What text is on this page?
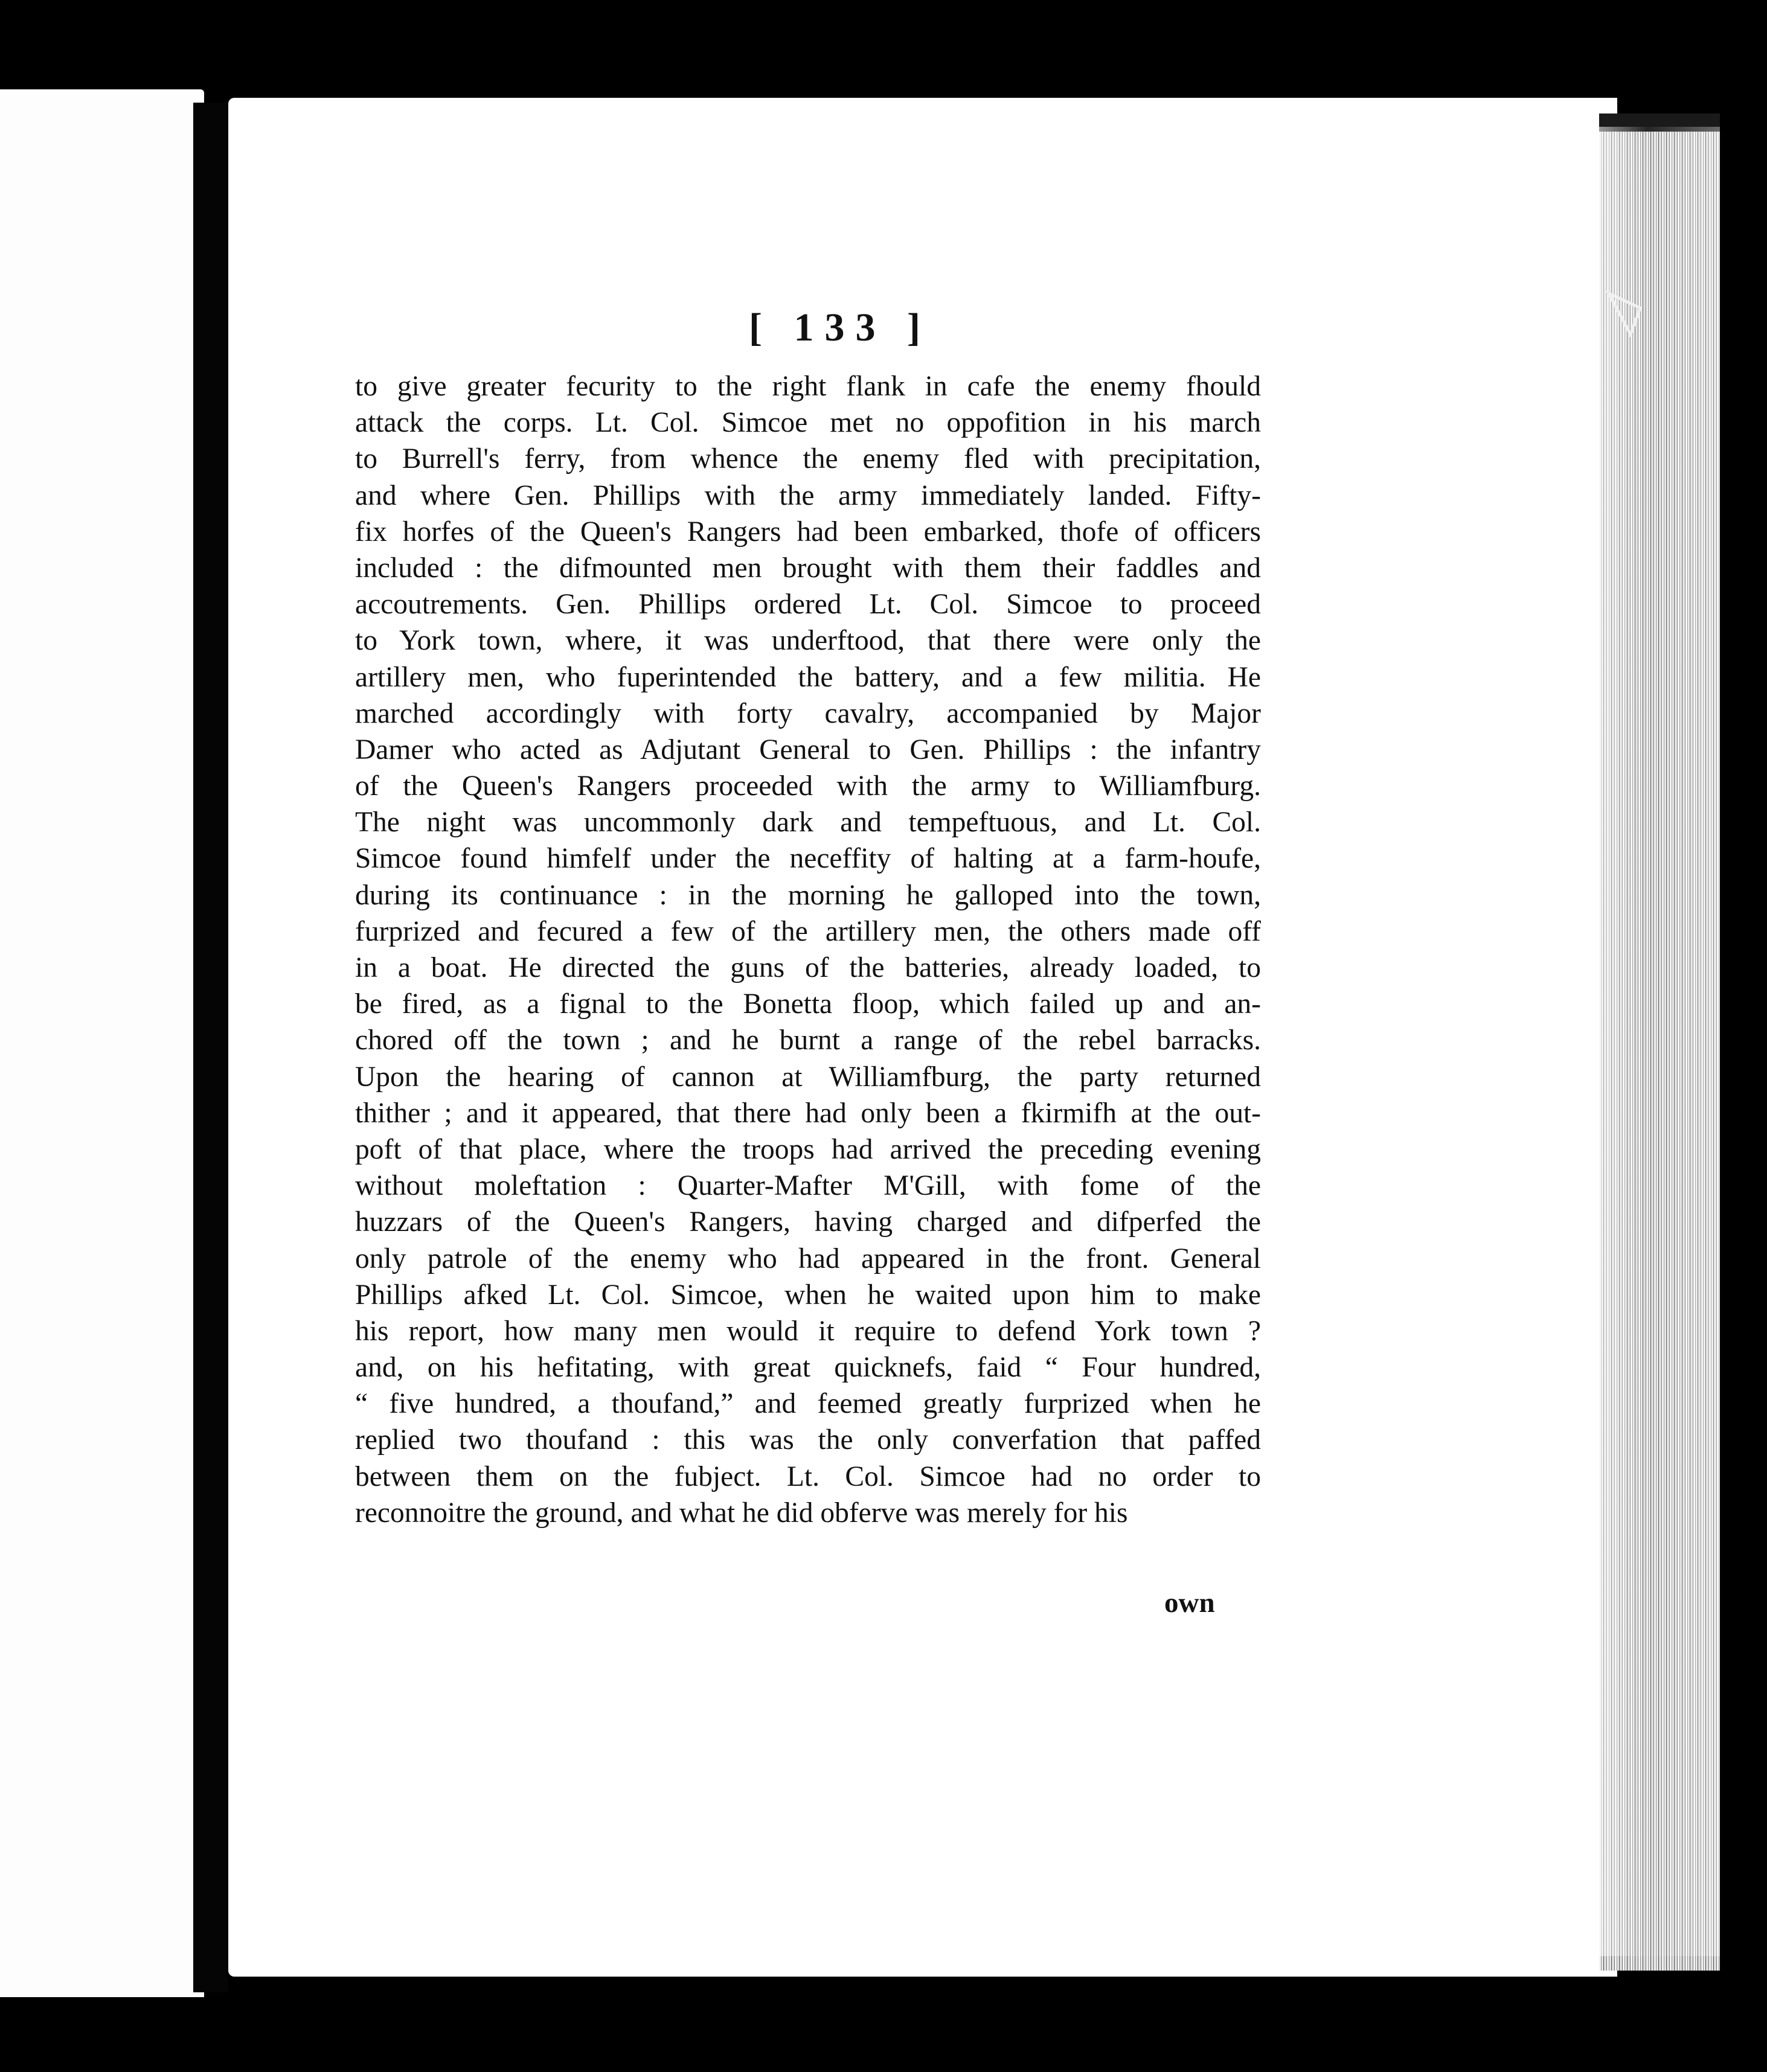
[ 133 ]
to give greater fecurity to the right flank in cafe the enemy fhould
attack the corps. Lt. Col. Simcoe met no oppofition in his march
to Burrell's ferry, from whence the enemy fled with precipitation,
and where Gen. Phillips with the army immediately landed. Fifty-
fix horfes of the Queen's Rangers had been embarked, thofe of officers
included : the difmounted men brought with them their faddles and
accoutrements. Gen. Phillips ordered Lt. Col. Simcoe to proceed
to York town, where, it was underftood, that there were only the
artillery men, who fuperintended the battery, and a few militia. He
marched accordingly with forty cavalry, accompanied by Major
Damer who acted as Adjutant General to Gen. Phillips : the infantry
of the Queen's Rangers proceeded with the army to Williamfburg.
The night was uncommonly dark and tempeftuous, and Lt. Col.
Simcoe found himfelf under the neceffity of halting at a farm-houfe,
during its continuance : in the morning he galloped into the town,
furprized and fecured a few of the artillery men, the others made off
in a boat. He directed the guns of the batteries, already loaded, to
be fired, as a fignal to the Bonetta floop, which failed up and an-
chored off the town ; and he burnt a range of the rebel barracks.
Upon the hearing of cannon at Williamfburg, the party returned
thither ; and it appeared, that there had only been a fkirmifh at the out-
poft of that place, where the troops had arrived the preceding evening
without moleftation : Quarter-Mafter M'Gill, with fome of the
huzzars of the Queen's Rangers, having charged and difperfed the
only patrole of the enemy who had appeared in the front. General
Phillips afked Lt. Col. Simcoe, when he waited upon him to make
his report, how many men would it require to defend York town ?
and, on his hefitating, with great quicknefs, faid “ Four hundred,
“ five hundred, a thoufand,” and feemed greatly furprized when he
replied two thoufand : this was the only converfation that paffed
between them on the fubject. Lt. Col. Simcoe had no order to
reconnoitre the ground, and what he did obferve was merely for his
own
